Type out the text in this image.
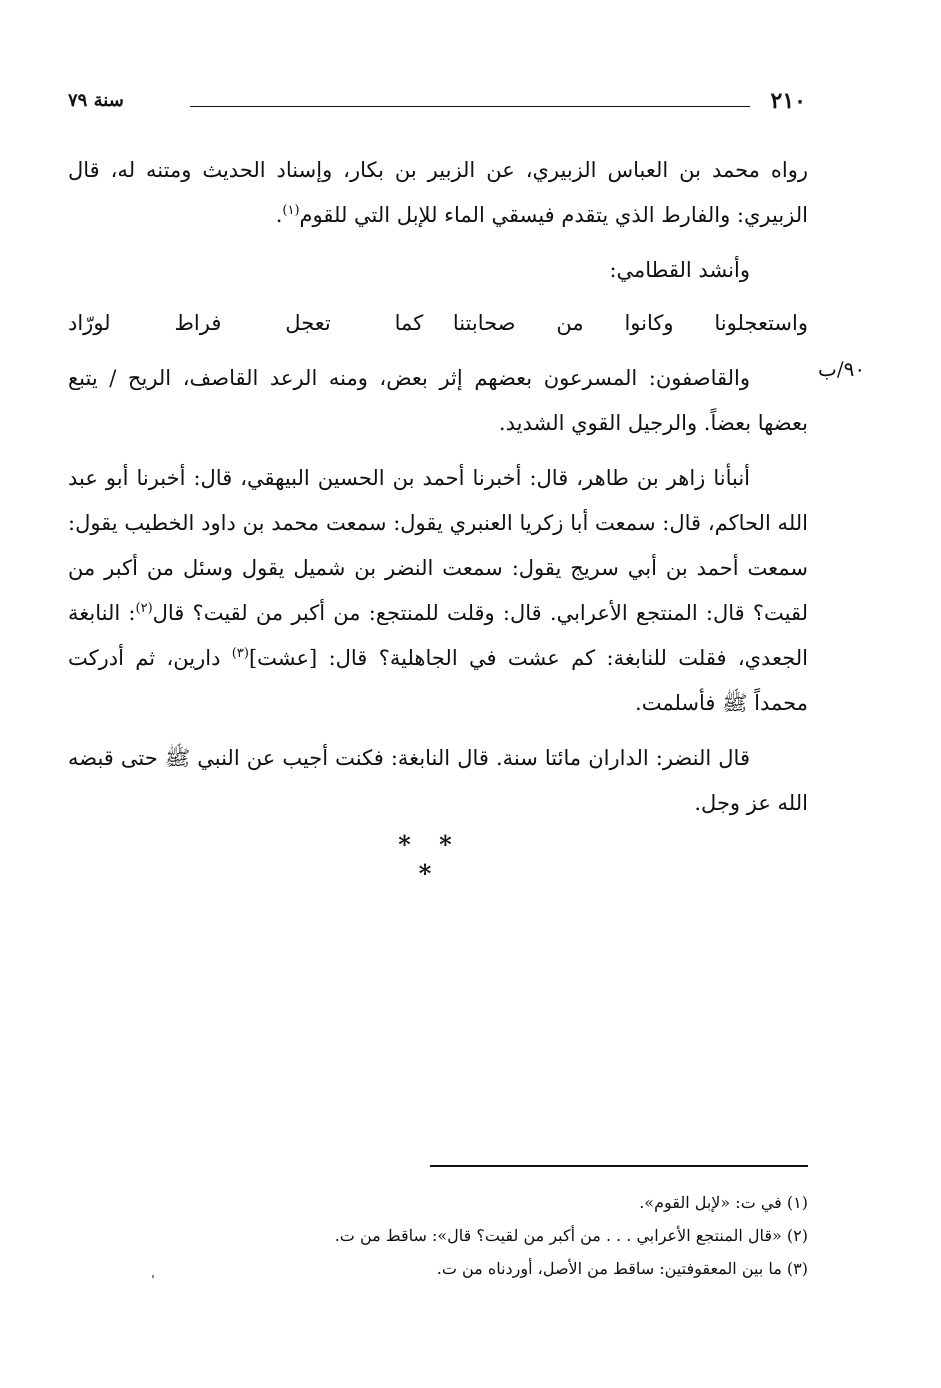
٢١٠
سنة ٧٩
٩٠/ب

رواه محمد بن العباس الزبيري، عن الزبير بن بكار، وإسناد الحديث ومتنه له، قال الزبيري: والفارط الذي يتقدم فيسقي الماء للإبل التي للقوم$^{(١)}$.

وأنشد القطامي:

واستعجلونا وكانوا من صحابتنا
كما تعجل فراط لورّاد

والقاصفون: المسرعون بعضهم إثر بعض، ومنه الرعد القاصف، الريح / يتبع بعضها بعضاً. والرجيل القوي الشديد.

أنبأنا زاهر بن طاهر، قال: أخبرنا أحمد بن الحسين البيهقي، قال: أخبرنا أبو عبد الله الحاكم، قال: سمعت أبا زكريا العنبري يقول: سمعت محمد بن داود الخطيب يقول: سمعت أحمد بن أبي سريج يقول: سمعت النضر بن شميل يقول وسئل من أكبر من لقيت؟ قال: المنتجع الأعرابي. قال: وقلت للمنتجع: من أكبر من لقيت؟ قال$^{(٢)}$: النابغة الجعدي، فقلت للنابغة: كم عشت في الجاهلية؟ قال: [عشت]$^{(٣)}$ دارين، ثم أدركت محمداً ﷺ فأسلمت.

قال النضر: الداران مائتا سنة. قال النابغة: فكنت أجيب عن النبي ﷺ حتى قبضه الله عز وجل.

* * *

(١) في ت: «لإبل القوم».

(٢) «قال المنتجع الأعرابي . . . من أكبر من لقيت؟ قال»: ساقط من ت.

(٣) ما بين المعقوفتين: ساقط من الأصل، أوردناه من ت.
